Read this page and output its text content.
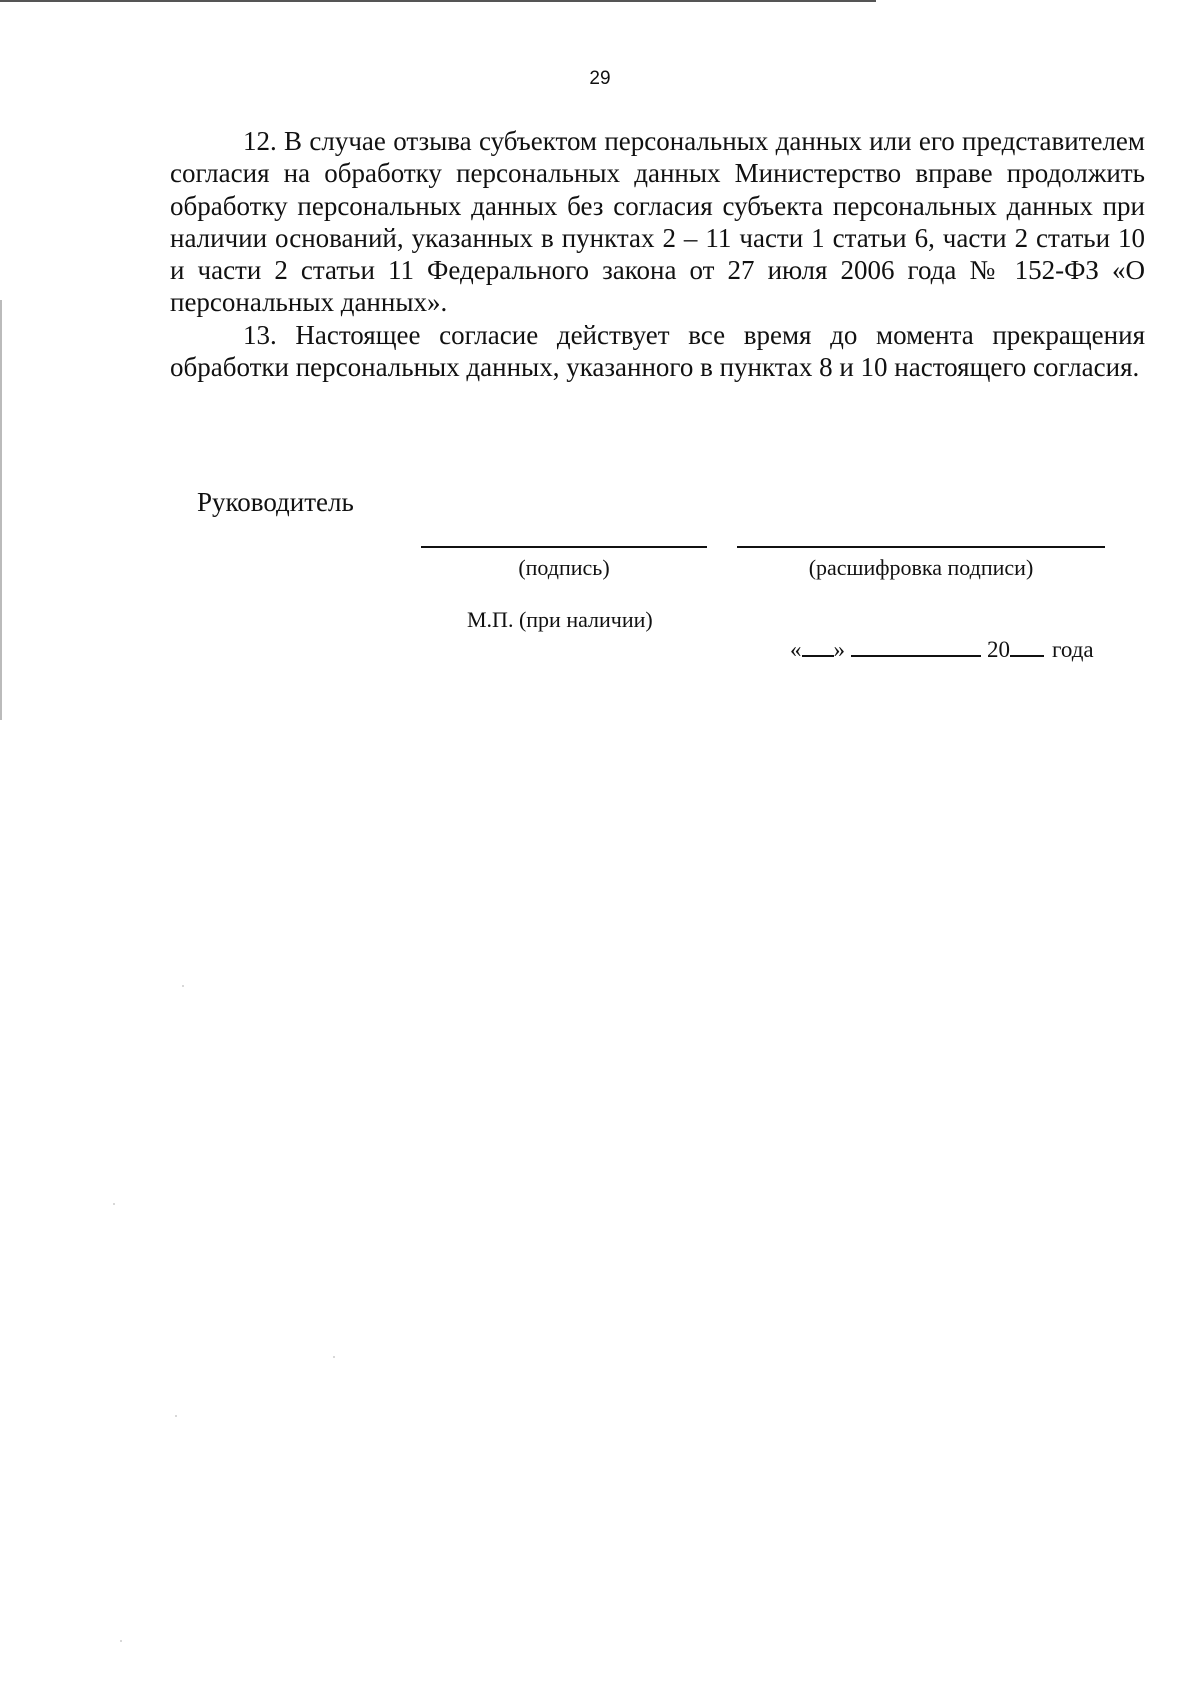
29

12. В случае отзыва субъектом персональных данных или его представителем согласия на обработку персональных данных Министерство вправе продолжить обработку персональных данных без согласия субъекта персональных данных при наличии оснований, указанных в пунктах 2 – 11 части 1 статьи 6, части 2 статьи 10 и части 2 статьи 11 Федерального закона от 27 июля 2006 года № 152-ФЗ «О персональных данных».

13. Настоящее согласие действует все время до момента прекращения обработки персональных данных, указанного в пунктах 8 и 10 настоящего согласия.

Руководитель
(подпись)	(расшифровка подписи)
М.П. (при наличии)
« »	20 года
